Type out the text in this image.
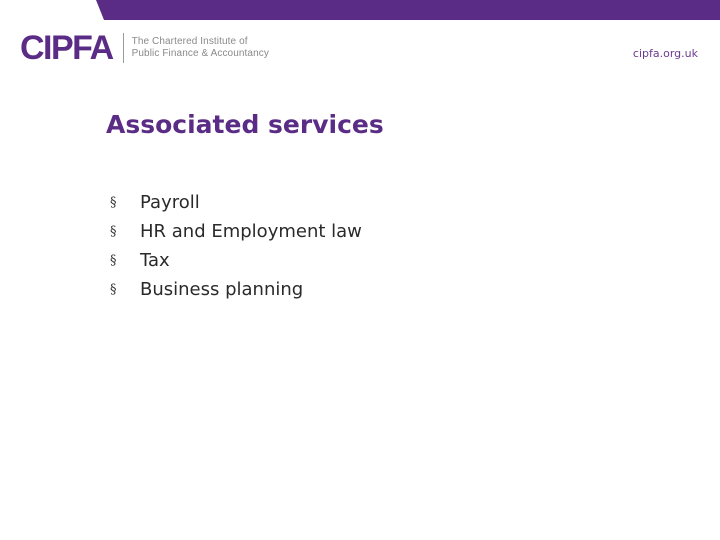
CIPFA The Chartered Institute of
Public Finance & Accountancy	cipfa.org.uk
Associated services
§	Payroll
§	HR and Employment law
§	Tax
§	Business planning
